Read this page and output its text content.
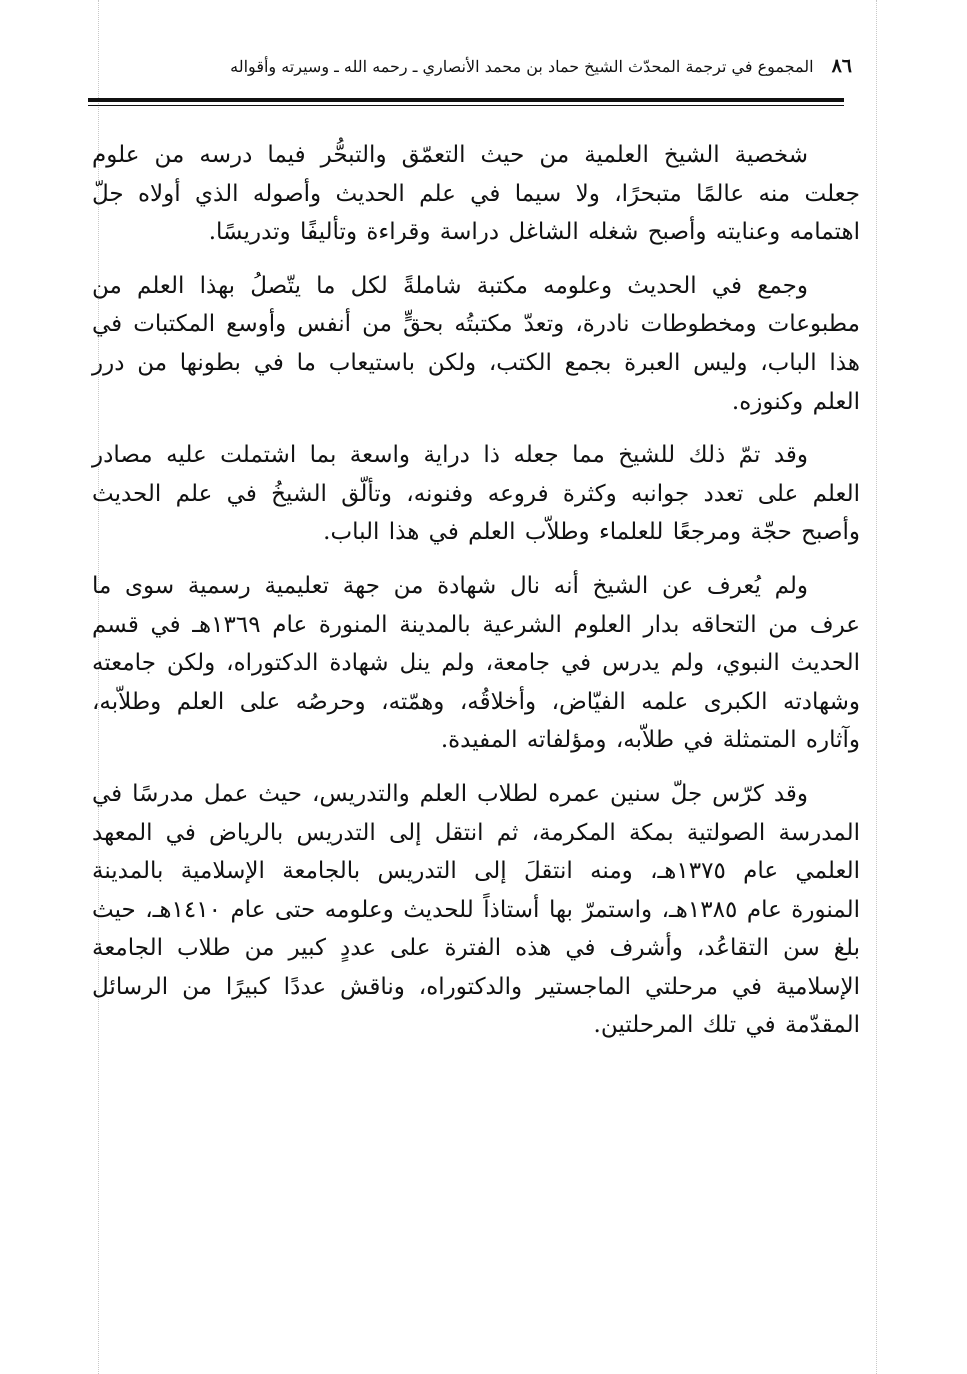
٨٦
المجموع في ترجمة المحدّث الشيخ حماد بن محمد الأنصاري ـ رحمه الله ـ وسيرته وأقواله

شخصية الشيخ العلمية من حيث التعمّق والتبحُّر فيما درسه من علوم جعلت منه عالمًا متبحرًا، ولا سيما في علم الحديث وأصوله الذي أولاه جلّ اهتمامه وعنايته وأصبح شغله الشاغل دراسة وقراءة وتأليفًا وتدريسًا.

وجمع في الحديث وعلومه مكتبة شاملةً لكل ما يتّصلُ بهذا العلم من مطبوعات ومخطوطات نادرة، وتعدّ مكتبتُه بحقٍّ من أنفس وأوسع المكتبات في هذا الباب، وليس العبرة بجمع الكتب، ولكن باستيعاب ما في بطونها من درر العلم وكنوزه.

وقد تمّ ذلك للشيخ مما جعله ذا دراية واسعة بما اشتملت عليه مصادر العلم على تعدد جوانبه وكثرة فروعه وفنونه، وتألّق الشيخُ في علم الحديث وأصبح حجّة ومرجعًا للعلماء وطلاّب العلم في هذا الباب.

ولم يُعرف عن الشيخ أنه نال شهادة من جهة تعليمية رسمية سوى ما عرف من التحاقه بدار العلوم الشرعية بالمدينة المنورة عام ١٣٦٩هـ في قسم الحديث النبوي، ولم يدرس في جامعة، ولم ينل شهادة الدكتوراه، ولكن جامعته وشهادته الكبرى علمه الفيّاض، وأخلاقُه، وهمّته، وحرصُه على العلم وطلاّبه، وآثاره المتمثلة في طلاّبه، ومؤلفاته المفيدة.

وقد كرّس جلّ سنين عمره لطلاب العلم والتدريس، حيث عمل مدرسًا في المدرسة الصولتية بمكة المكرمة، ثم انتقل إلى التدريس بالرياض في المعهد العلمي عام ١٣٧٥هـ، ومنه انتقلَ إلى التدريس بالجامعة الإسلامية بالمدينة المنورة عام ١٣٨٥هـ، واستمرّ بها أستاذاً للحديث وعلومه حتى عام ١٤١٠هـ، حيث بلغ سن التقاعُد، وأشرف في هذه الفترة على عددٍ كبير من طلاب الجامعة الإسلامية في مرحلتي الماجستير والدكتوراه، وناقش عددًا كبيرًا من الرسائل المقدّمة في تلك المرحلتين.
